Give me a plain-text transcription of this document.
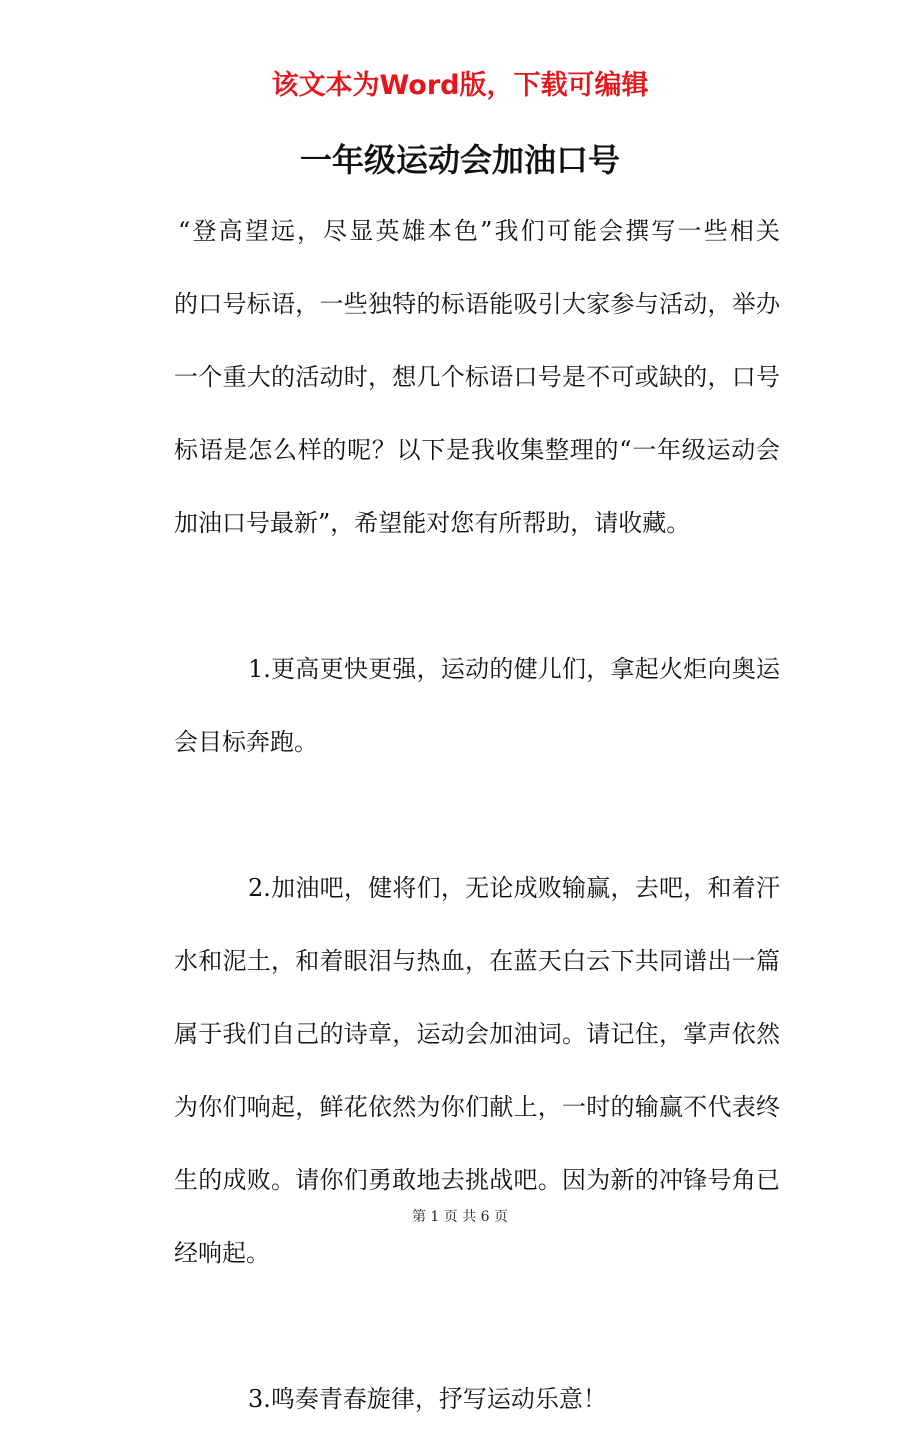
该文本为Word版，下载可编辑
一年级运动会加油口号
“登高望远，尽显英雄本色”我们可能会撰写一些相关
的口号标语，一些独特的标语能吸引大家参与活动，举办
一个重大的活动时，想几个标语口号是不可或缺的，口号
标语是怎么样的呢？以下是我收集整理的“一年级运动会
加油口号最新”，希望能对您有所帮助，请收藏。
1.更高更快更强，运动的健儿们，拿起火炬向奥运
会目标奔跑。
2.加油吧，健将们，无论成败输赢，去吧，和着汗
水和泥土，和着眼泪与热血，在蓝天白云下共同谱出一篇
属于我们自己的诗章，运动会加油词。请记住，掌声依然
为你们响起，鲜花依然为你们献上，一时的输赢不代表终
生的成败。请你们勇敢地去挑战吧。因为新的冲锋号角已
经响起。
3.鸣奏青春旋律，抒写运动乐意！
第 1 页 共 6 页
